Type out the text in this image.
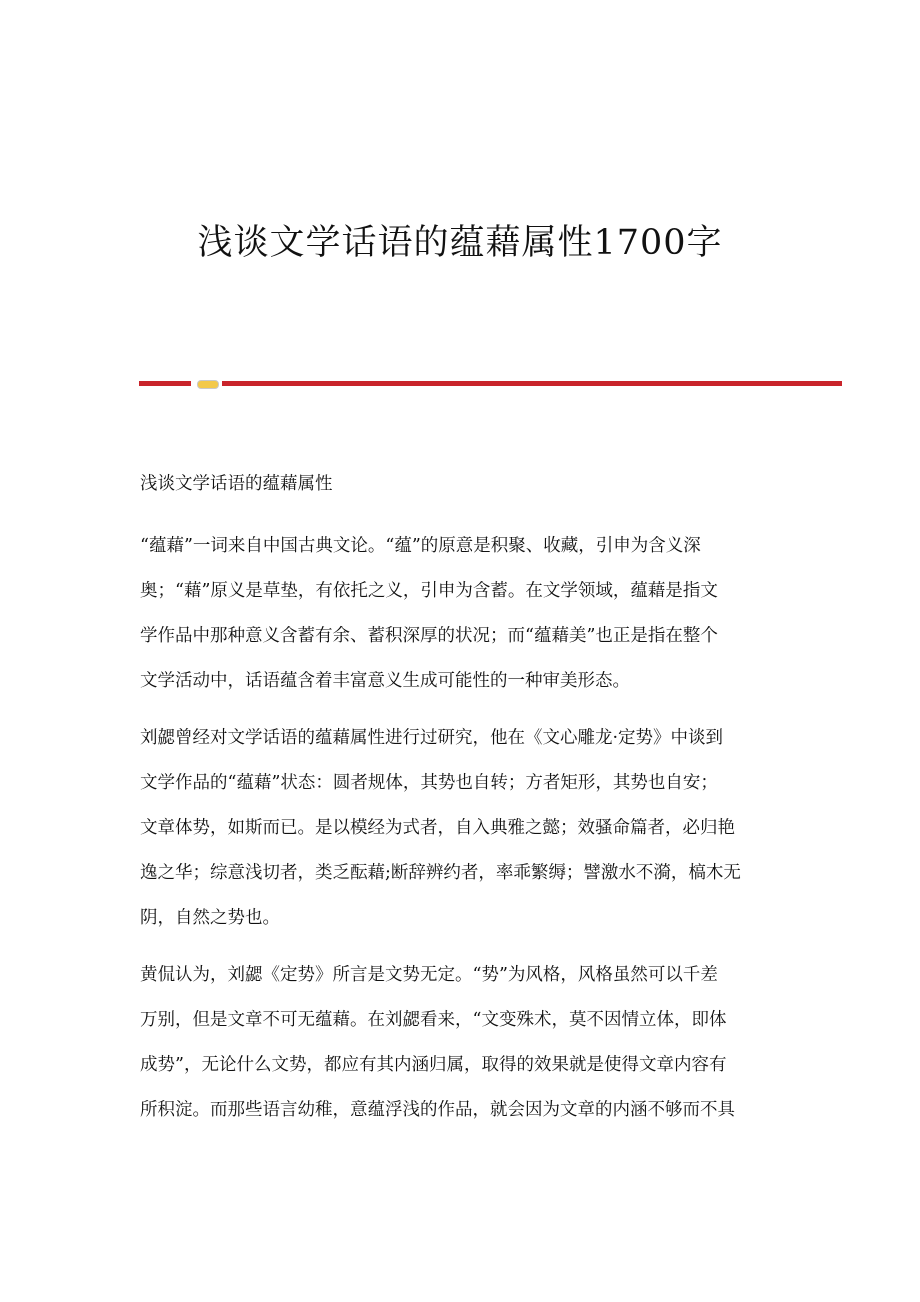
浅谈文学话语的蕴藉属性1700字
浅谈文学话语的蕴藉属性
“蕴藉”一词来自中国古典文论。“蕴”的原意是积聚、收藏，引申为含义深
奥；“藉”原义是草垫，有依托之义，引申为含蓄。在文学领域，蕴藉是指文
学作品中那种意义含蓄有余、蓄积深厚的状况；而“蕴藉美”也正是指在整个
文学活动中，话语蕴含着丰富意义生成可能性的一种审美形态。
刘勰曾经对文学话语的蕴藉属性进行过研究，他在《文心雕龙·定势》中谈到
文学作品的“蕴藉”状态：圆者规体，其势也自转；方者矩形，其势也自安；
文章体势，如斯而已。是以模经为式者，自入典雅之懿；效骚命篇者，必归艳
逸之华；综意浅切者，类乏酝藉;断辞辨约者，率乖繁缛；譬激水不漪，槁木无
阴，自然之势也。
黄侃认为，刘勰《定势》所言是文势无定。“势”为风格，风格虽然可以千差
万别，但是文章不可无蕴藉。在刘勰看来，“文变殊术，莫不因情立体，即体
成势”，无论什么文势，都应有其内涵归属，取得的效果就是使得文章内容有
所积淀。而那些语言幼稚，意蕴浮浅的作品，就会因为文章的内涵不够而不具
